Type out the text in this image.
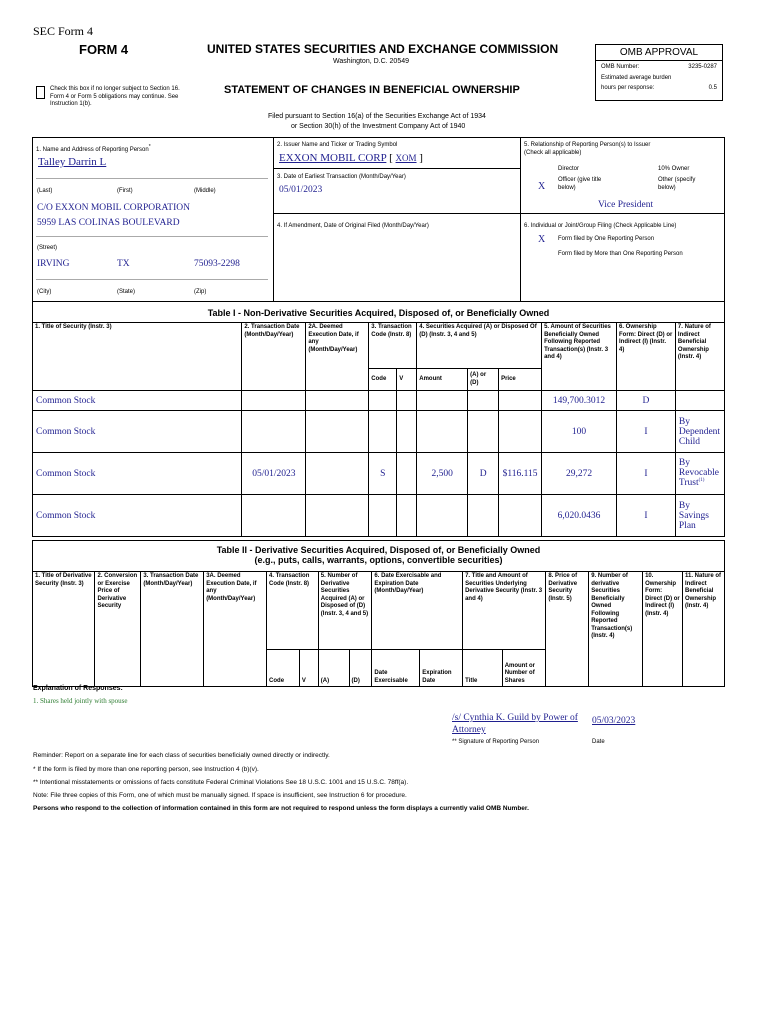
SEC Form 4
FORM 4	UNITED STATES SECURITIES AND EXCHANGE COMMISSION
Washington, D.C. 20549
Check this box if no longer subject to Section 16. Form 4 or Form 5 obligations may continue. See Instruction 1(b).
STATEMENT OF CHANGES IN BENEFICIAL OWNERSHIP
Filed pursuant to Section 16(a) of the Securities Exchange Act of 1934
or Section 30(h) of the Investment Company Act of 1940
OMB APPROVAL
OMB Number:	3235-0287
Estimated average burden
hours per response:	0.5
1. Name and Address of Reporting Person*
Talley Darrin L
(Last)	(First)	(Middle)
C/O EXXON MOBIL CORPORATION
5959 LAS COLINAS BOULEVARD
(Street)
IRVING	TX	75093-2298
(City)	(State)	(Zip)
2. Issuer Name and Ticker or Trading Symbol
EXXON MOBIL CORP [ XOM ]
3. Date of Earliest Transaction (Month/Day/Year)
05/01/2023
4. If Amendment, Date of Original Filed (Month/Day/Year)
5. Relationship of Reporting Person(s) to Issuer
(Check all applicable)
Director	10% Owner
X
Officer (give title below)
Other (specify below)
Vice President
6. Individual or Joint/Group Filing (Check Applicable Line)
X Form filed by One Reporting Person
Form filed by More than One Reporting Person
Table I - Non-Derivative Securities Acquired, Disposed of, or Beneficially Owned
1. Title of Security (Instr. 3)	2. Transaction Date (Month/Day/Year)	2A. Deemed Execution Date, if any (Month/Day/Year)	3. Transaction Code (Instr. 8)		4. Securities Acquired (A) or Disposed Of (D) (Instr. 3, 4 and 5)			5. Amount of Securities Beneficially Owned Following Reported Transaction(s) (Instr. 3 and 4)	6. Ownership Form: Direct (D) or Indirect (I) (Instr. 4)	7. Nature of Indirect Beneficial Ownership (Instr. 4)
			Code	V	Amount	(A) or (D)	Price			
Common Stock								149,700.3012	D	
Common Stock								100	I	By Dependent Child
Common Stock	05/01/2023		S		2,500	D	$116.115	29,272	I	By Revocable Trust$^{(1)}$
Common Stock								6,020.0436	I	By Savings Plan
Table II - Derivative Securities Acquired, Disposed of, or Beneficially Owned
(e.g., puts, calls, warrants, options, convertible securities)
1. Title of Derivative Security (Instr. 3)	2. Conversion or Exercise Price of Derivative Security	3. Transaction Date (Month/Day/Year)	3A. Deemed Execution Date, if any (Month/Day/Year)	4. Transaction Code (Instr. 8)		5. Number of Derivative Securities Acquired (A) or Disposed of (D) (Instr. 3, 4 and 5)		6. Date Exercisable and Expiration Date (Month/Day/Year)		7. Title and Amount of Securities Underlying Derivative Security (Instr. 3 and 4)		8. Price of Derivative Security (Instr. 5)	9. Number of derivative Securities Beneficially Owned Following Reported Transaction(s) (Instr. 4)	10. Ownership Form: Direct (D) or Indirect (I) (Instr. 4)	11. Nature of Indirect Beneficial Ownership (Instr. 4)
				Code	V	(A)	(D)	Date Exercisable	Expiration Date	Title	Amount or Number of Shares				
Explanation of Responses:
1. Shares held jointly with spouse
/s/ Cynthia K. Guild by Power of Attorney
05/03/2023
** Signature of Reporting Person	Date
Reminder: Report on a separate line for each class of securities beneficially owned directly or indirectly.
* If the form is filed by more than one reporting person, see Instruction 4 (b)(v).
** Intentional misstatements or omissions of facts constitute Federal Criminal Violations See 18 U.S.C. 1001 and 15 U.S.C. 78ff(a).
Note: File three copies of this Form, one of which must be manually signed. If space is insufficient, see Instruction 6 for procedure.
Persons who respond to the collection of information contained in this form are not required to respond unless the form displays a currently valid OMB Number.
